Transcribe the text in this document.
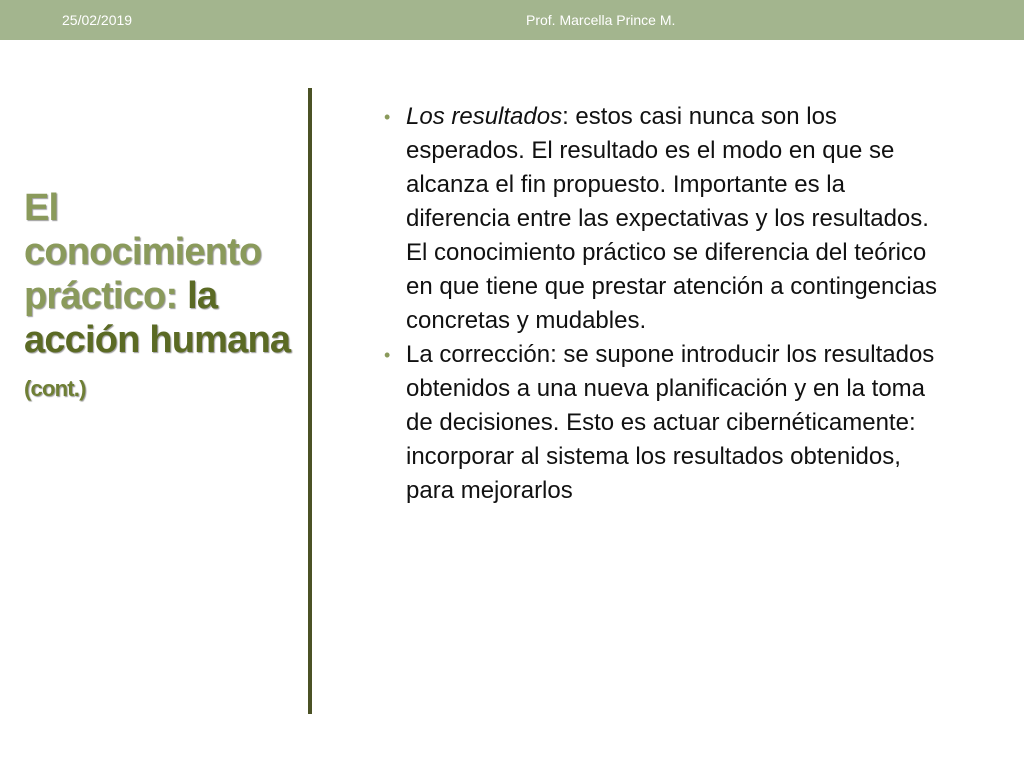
25/02/2019	Prof. Marcella Prince M.
El conocimiento práctico: la acción humana (cont.)
• Los resultados: estos casi nunca son los esperados. El resultado es el modo en que se alcanza el fin propuesto. Importante es la diferencia entre las expectativas y los resultados. El conocimiento práctico se diferencia del teórico en que tiene que prestar atención a contingencias concretas y mudables.
• La corrección: se supone introducir los resultados obtenidos a una nueva planificación y en la toma de decisiones. Esto es actuar cibernéticamente: incorporar al sistema los resultados obtenidos, para mejorarlos
